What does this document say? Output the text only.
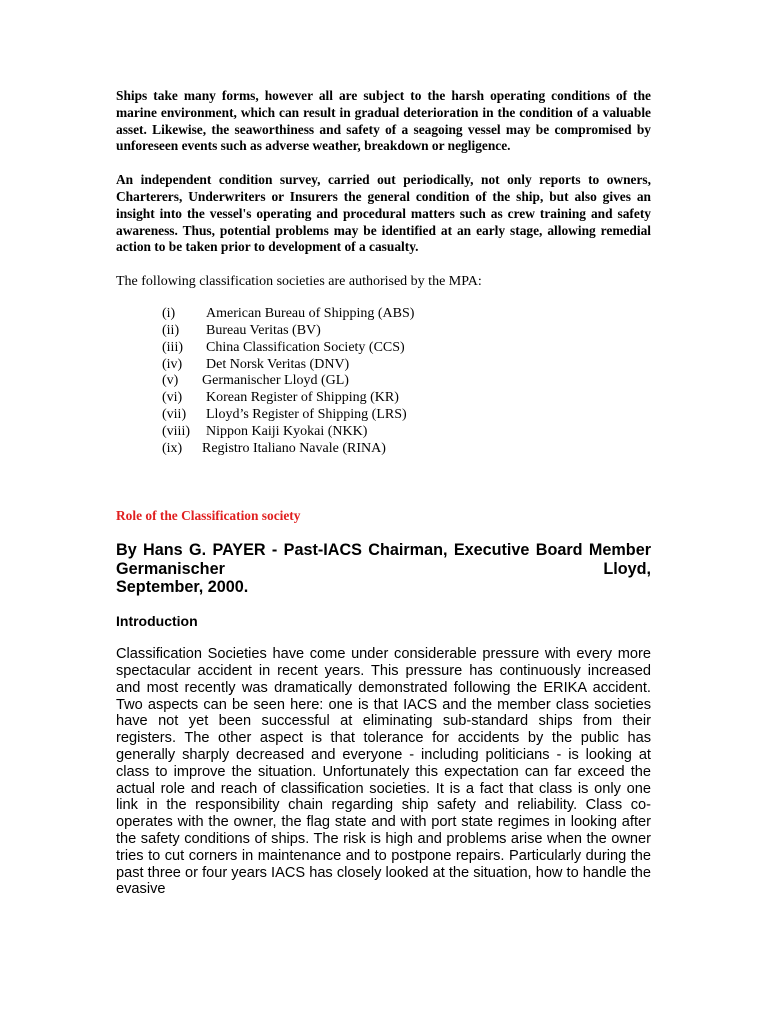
Ships take many forms, however all are subject to the harsh operating conditions of the marine environment, which can result in gradual deterioration in the condition of a valuable asset. Likewise, the seaworthiness and safety of a seagoing vessel may be compromised by unforeseen events such as adverse weather, breakdown or negligence.

An independent condition survey, carried out periodically, not only reports to owners, Charterers, Underwriters or Insurers the general condition of the ship, but also gives an insight into the vessel's operating and procedural matters such as crew training and safety awareness. Thus, potential problems may be identified at an early stage, allowing remedial action to be taken prior to development of a casualty.

The following classification societies are authorised by the MPA:

(i)	American Bureau of Shipping (ABS)
(ii)	Bureau Veritas (BV)
(iii)	China Classification Society (CCS)
(iv)	Det Norsk Veritas (DNV)
(v)	Germanischer Lloyd (GL)
(vi)	Korean Register of Shipping (KR)
(vii)	Lloyd’s Register of Shipping (LRS)
(viii)	Nippon Kaiji Kyokai (NKK)
(ix)	Registro Italiano Navale (RINA)

Role of the Classification society

By Hans G. PAYER - Past-IACS Chairman, Executive Board Member Germanischer Lloyd,

September, 2000.

Introduction

Classification Societies have come under considerable pressure with every more spectacular accident in recent years. This pressure has continuously increased and most recently was dramatically demonstrated following the ERIKA accident. Two aspects can be seen here: one is that IACS and the member class societies have not yet been successful at eliminating sub-standard ships from their registers. The other aspect is that tolerance for accidents by the public has generally sharply decreased and everyone - including politicians - is looking at class to improve the situation. Unfortunately this expectation can far exceed the actual role and reach of classification societies. It is a fact that class is only one link in the responsibility chain regarding ship safety and reliability. Class co-operates with the owner, the flag state and with port state regimes in looking after the safety conditions of ships. The risk is high and problems arise when the owner tries to cut corners in maintenance and to postpone repairs. Particularly during the past three or four years IACS has closely looked at the situation, how to handle the evasive
